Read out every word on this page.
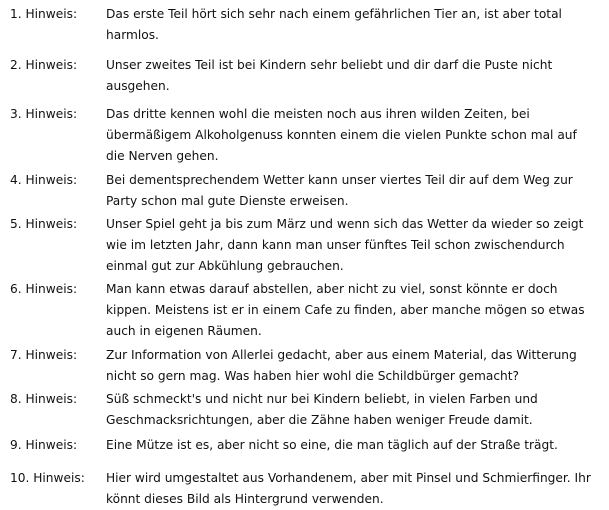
1. Hinweis: Das erste Teil hört sich sehr nach einem gefährlichen Tier an, ist aber total
harmlos.
2. Hinweis: Unser zweites Teil ist bei Kindern sehr beliebt und dir darf die Puste nicht
ausgehen.
3. Hinweis: Das dritte kennen wohl die meisten noch aus ihren wilden Zeiten, bei
übermäßigem Alkoholgenuss konnten einem die vielen Punkte schon mal auf
die Nerven gehen.
4. Hinweis: Bei dementsprechendem Wetter kann unser viertes Teil dir auf dem Weg zur
Party schon mal gute Dienste erweisen.
5. Hinweis: Unser Spiel geht ja bis zum März und wenn sich das Wetter da wieder so zeigt
wie im letzten Jahr, dann kann man unser fünftes Teil schon zwischendurch
einmal gut zur Abkühlung gebrauchen.
6. Hinweis: Man kann etwas darauf abstellen, aber nicht zu viel, sonst könnte er doch
kippen. Meistens ist er in einem Cafe zu finden, aber manche mögen so etwas
auch in eigenen Räumen.
7. Hinweis: Zur Information von Allerlei gedacht, aber aus einem Material, das Witterung
nicht so gern mag. Was haben hier wohl die Schildbürger gemacht?
8. Hinweis: Süß schmeckt's und nicht nur bei Kindern beliebt, in vielen Farben und
Geschmacksrichtungen, aber die Zähne haben weniger Freude damit.
9. Hinweis: Eine Mütze ist es, aber nicht so eine, die man täglich auf der Straße trägt.
10. Hinweis: Hier wird umgestaltet aus Vorhandenem, aber mit Pinsel und Schmierfinger. Ihr
könnt dieses Bild als Hintergrund verwenden.
